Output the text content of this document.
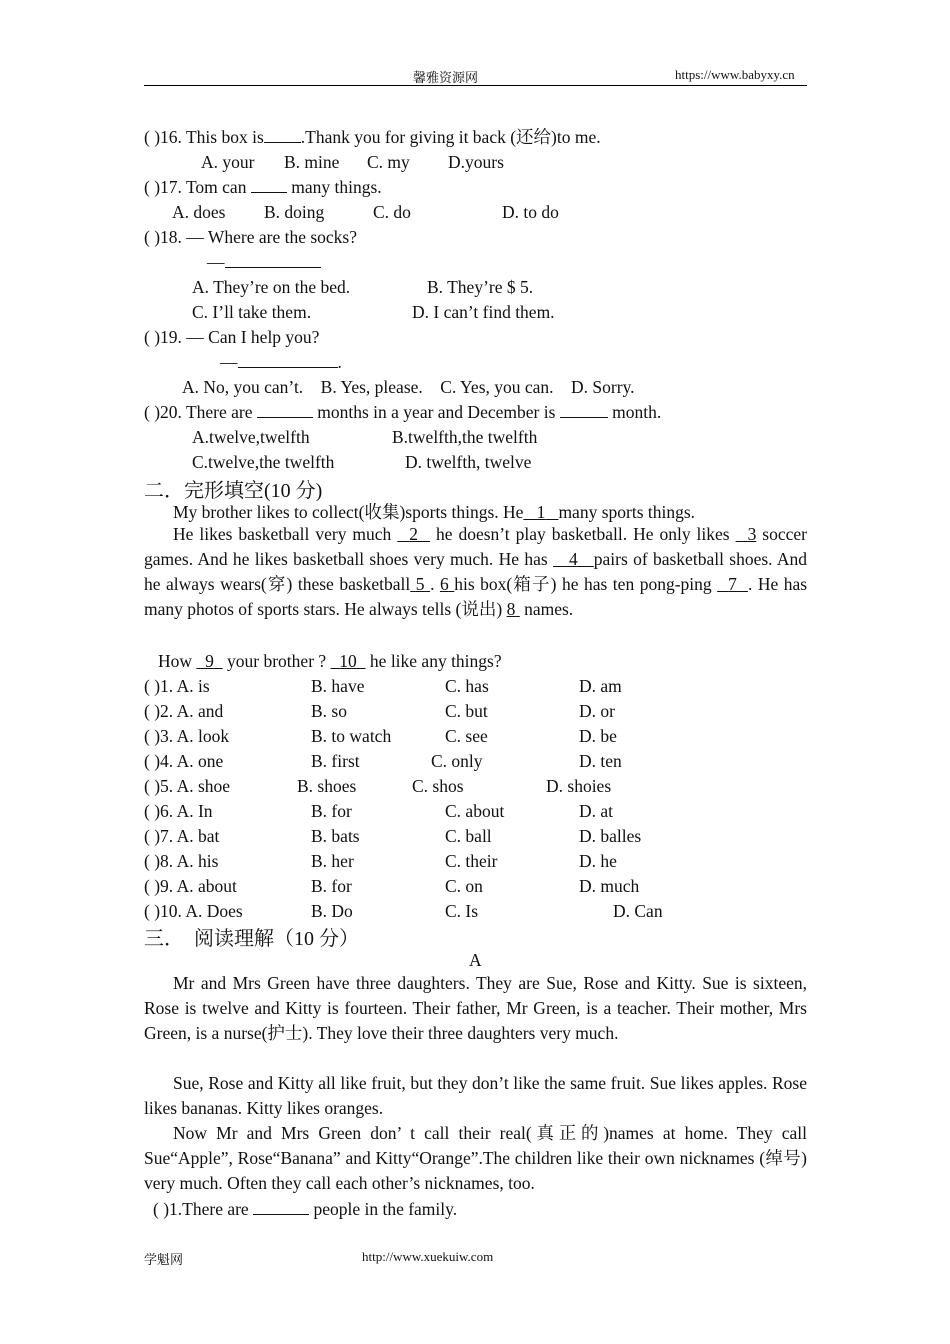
馨雅资源网	https://www.babyxy.cn
( )16. This box is .Thank you for giving it back (还给)to me.
A. your B. mine C. my D.yours
( )17. Tom can	many things.
A. does B. doing	C. do	D. to do
( )18. — Where are the socks?
—
A. They’re on the bed.	B. They’re $ 5.
C. I’ll take them.	D. I can’t find them.
( )19. — Can I help you?
—	.
A. No, you can’t.    B. Yes, please.    C. Yes, you can.    D. Sorry.
( )20. There are	months in a year and December is	month.
A.twelve,twelfth	B.twelfth,the twelfth
C.twelve,the twelfth	D. twelfth, twelve
二．完形填空(10 分)
My brother likes to collect(收集)sports things. He 1 many sports things.
He likes basketball very much 2 he doesn’t play basketball. He only likes 3 soccer games. And he likes basketball shoes very much. He has 4 pairs of basketball shoes. And he always wears(穿) these basketball 5 . 6 his box(箱子) he has ten pong-ping 7 . He has many photos of sports stars. He always tells (说出) 8 names.
How 9 your brother ? 10 he like any things?
( )1. A. is	B. have	C. has	D. am
( )2. A. and	B. so	C. but	D. or
( )3. A. look	B. to watch	C. see	D. be
( )4. A. one	B. first	C. only	D. ten
( )5. A. shoe	B. shoes	C. shos	D. shoies
( )6. A. In	B. for	C. about	D. at
( )7. A. bat	B. bats	C. ball	D. balles
( )8. A. his	B. her	C. their	D. he
( )9. A. about	B. for	C. on	D. much
( )10. A. Does	B. Do	C. Is	D. Can
三．  阅读理解（10 分）
A
Mr and Mrs Green have three daughters. They are Sue, Rose and Kitty. Sue is sixteen, Rose is twelve and Kitty is fourteen. Their father, Mr Green, is a teacher. Their mother, Mrs Green, is a nurse(护士). They love their three daughters very much.
Sue, Rose and Kitty all like fruit, but they don’t like the same fruit. Sue likes apples. Rose likes bananas. Kitty likes oranges.
Now Mr and Mrs Green don’ t call their real(真正的)names at home. They call Sue“Apple”, Rose“Banana” and Kitty“Orange”.The children like their own nicknames (绰号) very much. Often they call each other’s nicknames, too.
( )1.There are	people in the family.
学魁网	http://www.xuekuiw.com
